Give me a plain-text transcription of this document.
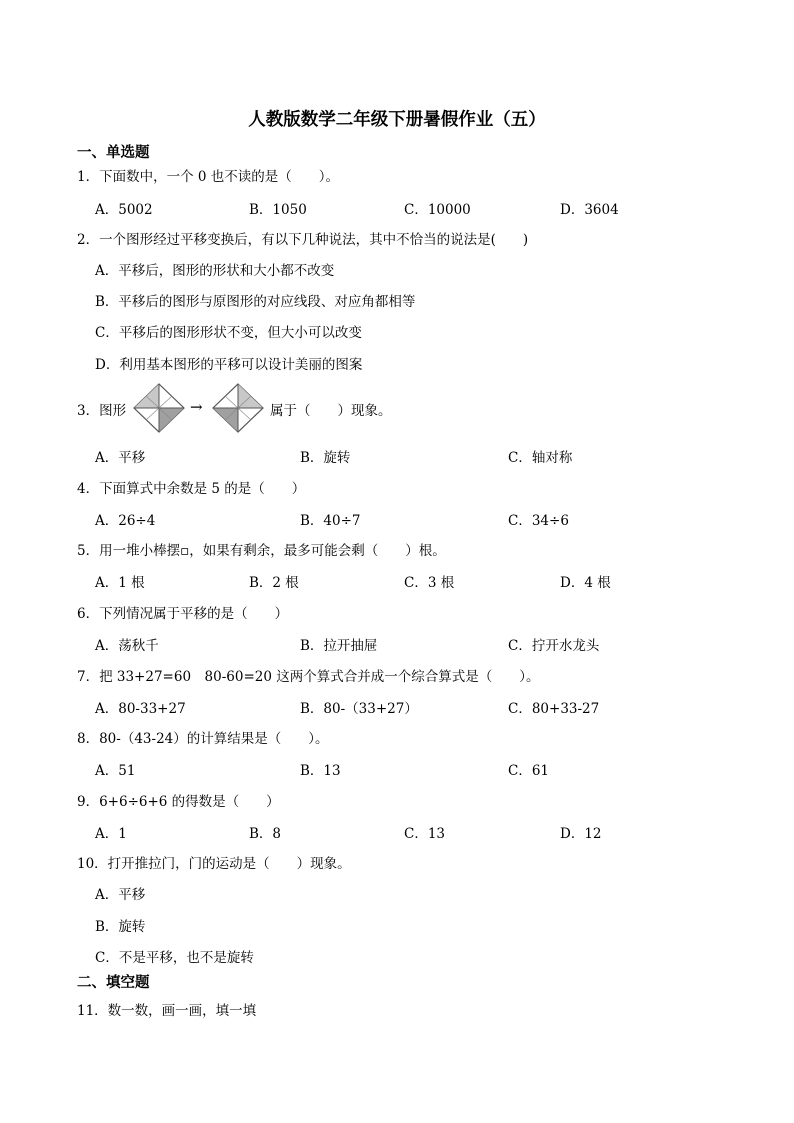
人教版数学二年级下册暑假作业（五）
一、单选题
1．下面数中，一个 0 也不读的是（　　）。
A．5002	B．1050	C．10000	D．3604
2．一个图形经过平移变换后，有以下几种说法，其中不恰当的说法是(　　)
A．平移后，图形的形状和大小都不改变
B．平移后的图形与原图形的对应线段、对应角都相等
C．平移后的图形形状不变，但大小可以改变
D．利用基本图形的平移可以设计美丽的图案
3．图形	→	属于（　　）现象。
A．平移	B．旋转	C．轴对称
4．下面算式中余数是 5 的是（　　）
A．26÷4	B．40÷7	C．34÷6
5．用一堆小棒摆▫，如果有剩余，最多可能会剩（　　）根。
A．1 根	B．2 根	C．3 根	D．4 根
6．下列情况属于平移的是（　　）
A．荡秋千	B．拉开抽屉	C．拧开水龙头
7．把 33+27=60　80-60=20 这两个算式合并成一个综合算式是（　　）。
A．80-33+27	B．80-（33+27）	C．80+33-27
8．80-（43-24）的计算结果是（　　）。
A．51	B．13	C．61
9．6+6÷6+6 的得数是（　　）
A．1	B．8	C．13	D．12
10．打开推拉门，门的运动是（　　）现象。
A．平移
B．旋转
C．不是平移，也不是旋转
二、填空题
11．数一数，画一画，填一填
